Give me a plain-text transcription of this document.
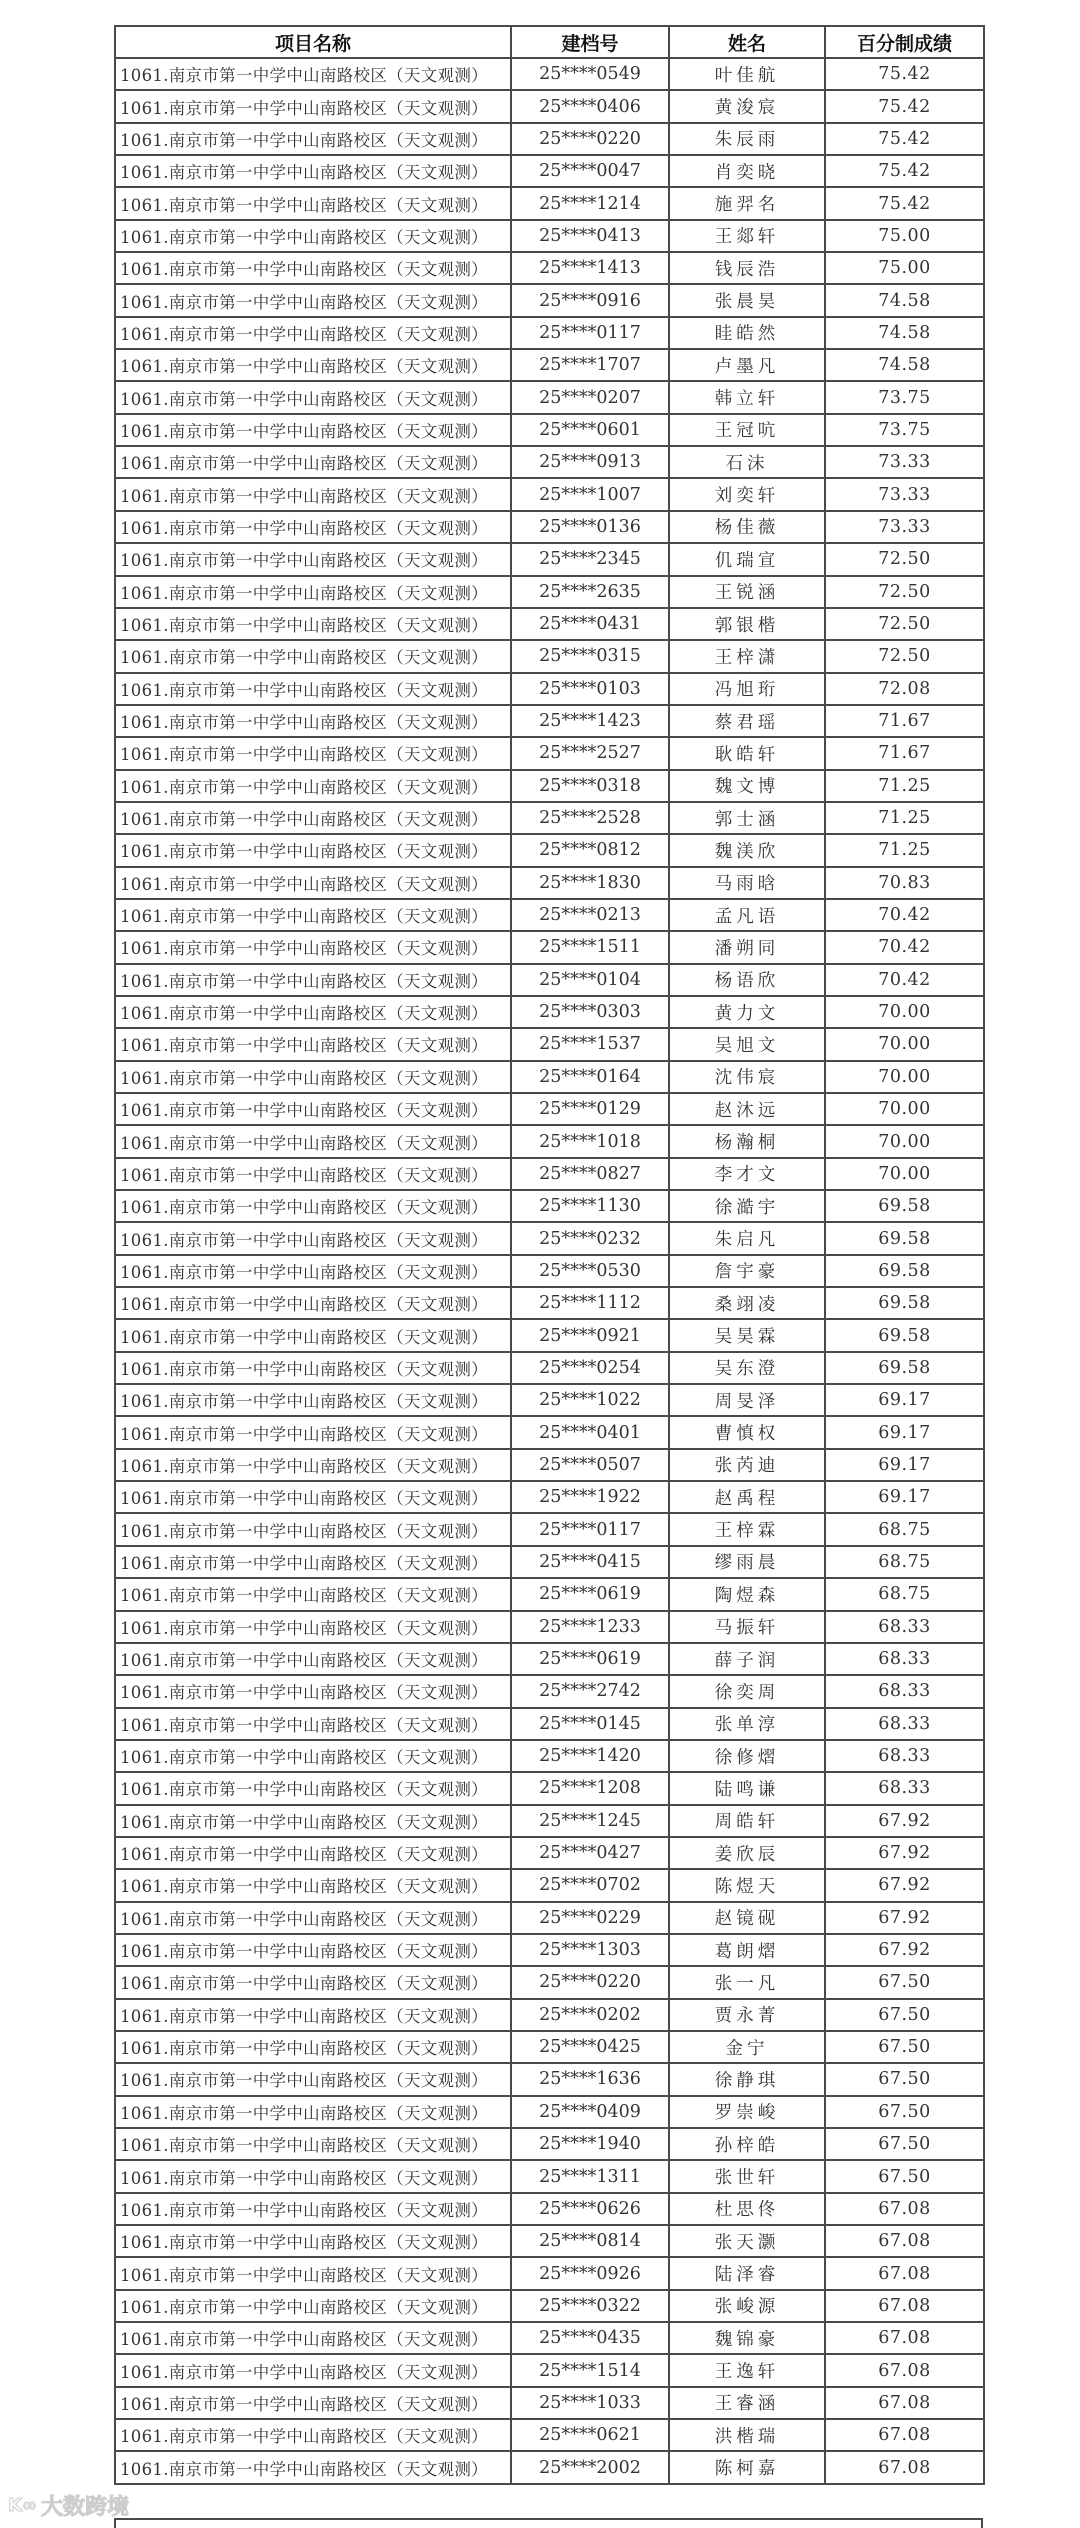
项目名称	建档号	姓名	百分制成绩
1061.南京市第一中学中山南路校区（天文观测）	25****0549	叶佳航	75.42
1061.南京市第一中学中山南路校区（天文观测）	25****0406	黄浚宸	75.42
1061.南京市第一中学中山南路校区（天文观测）	25****0220	朱辰雨	75.42
1061.南京市第一中学中山南路校区（天文观测）	25****0047	肖奕晓	75.42
1061.南京市第一中学中山南路校区（天文观测）	25****1214	施羿名	75.42
1061.南京市第一中学中山南路校区（天文观测）	25****0413	王郯轩	75.00
1061.南京市第一中学中山南路校区（天文观测）	25****1413	钱辰浩	75.00
1061.南京市第一中学中山南路校区（天文观测）	25****0916	张晨昊	74.58
1061.南京市第一中学中山南路校区（天文观测）	25****0117	眭皓然	74.58
1061.南京市第一中学中山南路校区（天文观测）	25****1707	卢墨凡	74.58
1061.南京市第一中学中山南路校区（天文观测）	25****0207	韩立轩	73.75
1061.南京市第一中学中山南路校区（天文观测）	25****0601	王冠吭	73.75
1061.南京市第一中学中山南路校区（天文观测）	25****0913	石沫	73.33
1061.南京市第一中学中山南路校区（天文观测）	25****1007	刘奕轩	73.33
1061.南京市第一中学中山南路校区（天文观测）	25****0136	杨佳薇	73.33
1061.南京市第一中学中山南路校区（天文观测）	25****2345	仉瑞宣	72.50
1061.南京市第一中学中山南路校区（天文观测）	25****2635	王锐涵	72.50
1061.南京市第一中学中山南路校区（天文观测）	25****0431	郭银楷	72.50
1061.南京市第一中学中山南路校区（天文观测）	25****0315	王梓潇	72.50
1061.南京市第一中学中山南路校区（天文观测）	25****0103	冯旭珩	72.08
1061.南京市第一中学中山南路校区（天文观测）	25****1423	蔡君瑶	71.67
1061.南京市第一中学中山南路校区（天文观测）	25****2527	耿皓轩	71.67
1061.南京市第一中学中山南路校区（天文观测）	25****0318	魏文博	71.25
1061.南京市第一中学中山南路校区（天文观测）	25****2528	郭士涵	71.25
1061.南京市第一中学中山南路校区（天文观测）	25****0812	魏渼欣	71.25
1061.南京市第一中学中山南路校区（天文观测）	25****1830	马雨晗	70.83
1061.南京市第一中学中山南路校区（天文观测）	25****0213	孟凡语	70.42
1061.南京市第一中学中山南路校区（天文观测）	25****1511	潘朔同	70.42
1061.南京市第一中学中山南路校区（天文观测）	25****0104	杨语欣	70.42
1061.南京市第一中学中山南路校区（天文观测）	25****0303	黄力文	70.00
1061.南京市第一中学中山南路校区（天文观测）	25****1537	吴旭文	70.00
1061.南京市第一中学中山南路校区（天文观测）	25****0164	沈伟宸	70.00
1061.南京市第一中学中山南路校区（天文观测）	25****0129	赵沐远	70.00
1061.南京市第一中学中山南路校区（天文观测）	25****1018	杨瀚桐	70.00
1061.南京市第一中学中山南路校区（天文观测）	25****0827	李才文	70.00
1061.南京市第一中学中山南路校区（天文观测）	25****1130	徐澔宇	69.58
1061.南京市第一中学中山南路校区（天文观测）	25****0232	朱启凡	69.58
1061.南京市第一中学中山南路校区（天文观测）	25****0530	詹宇豪	69.58
1061.南京市第一中学中山南路校区（天文观测）	25****1112	桑翊凌	69.58
1061.南京市第一中学中山南路校区（天文观测）	25****0921	吴昊霖	69.58
1061.南京市第一中学中山南路校区（天文观测）	25****0254	吴东澄	69.58
1061.南京市第一中学中山南路校区（天文观测）	25****1022	周旻泽	69.17
1061.南京市第一中学中山南路校区（天文观测）	25****0401	曹慎权	69.17
1061.南京市第一中学中山南路校区（天文观测）	25****0507	张芮迪	69.17
1061.南京市第一中学中山南路校区（天文观测）	25****1922	赵禹程	69.17
1061.南京市第一中学中山南路校区（天文观测）	25****0117	王梓霖	68.75
1061.南京市第一中学中山南路校区（天文观测）	25****0415	缪雨晨	68.75
1061.南京市第一中学中山南路校区（天文观测）	25****0619	陶煜森	68.75
1061.南京市第一中学中山南路校区（天文观测）	25****1233	马振轩	68.33
1061.南京市第一中学中山南路校区（天文观测）	25****0619	薛子润	68.33
1061.南京市第一中学中山南路校区（天文观测）	25****2742	徐奕周	68.33
1061.南京市第一中学中山南路校区（天文观测）	25****0145	张单淳	68.33
1061.南京市第一中学中山南路校区（天文观测）	25****1420	徐修熠	68.33
1061.南京市第一中学中山南路校区（天文观测）	25****1208	陆鸣谦	68.33
1061.南京市第一中学中山南路校区（天文观测）	25****1245	周皓轩	67.92
1061.南京市第一中学中山南路校区（天文观测）	25****0427	姜欣辰	67.92
1061.南京市第一中学中山南路校区（天文观测）	25****0702	陈煜天	67.92
1061.南京市第一中学中山南路校区（天文观测）	25****0229	赵镜砚	67.92
1061.南京市第一中学中山南路校区（天文观测）	25****1303	葛朗熠	67.92
1061.南京市第一中学中山南路校区（天文观测）	25****0220	张一凡	67.50
1061.南京市第一中学中山南路校区（天文观测）	25****0202	贾永菁	67.50
1061.南京市第一中学中山南路校区（天文观测）	25****0425	金宁	67.50
1061.南京市第一中学中山南路校区（天文观测）	25****1636	徐静琪	67.50
1061.南京市第一中学中山南路校区（天文观测）	25****0409	罗崇峻	67.50
1061.南京市第一中学中山南路校区（天文观测）	25****1940	孙梓皓	67.50
1061.南京市第一中学中山南路校区（天文观测）	25****1311	张世轩	67.50
1061.南京市第一中学中山南路校区（天文观测）	25****0626	杜思佟	67.08
1061.南京市第一中学中山南路校区（天文观测）	25****0814	张天灏	67.08
1061.南京市第一中学中山南路校区（天文观测）	25****0926	陆泽睿	67.08
1061.南京市第一中学中山南路校区（天文观测）	25****0322	张峻源	67.08
1061.南京市第一中学中山南路校区（天文观测）	25****0435	魏锦豪	67.08
1061.南京市第一中学中山南路校区（天文观测）	25****1514	王逸轩	67.08
1061.南京市第一中学中山南路校区（天文观测）	25****1033	王睿涵	67.08
1061.南京市第一中学中山南路校区（天文观测）	25****0621	洪楷瑞	67.08
1061.南京市第一中学中山南路校区（天文观测）	25****2002	陈柯嘉	67.08
K∞ 大数跨境
